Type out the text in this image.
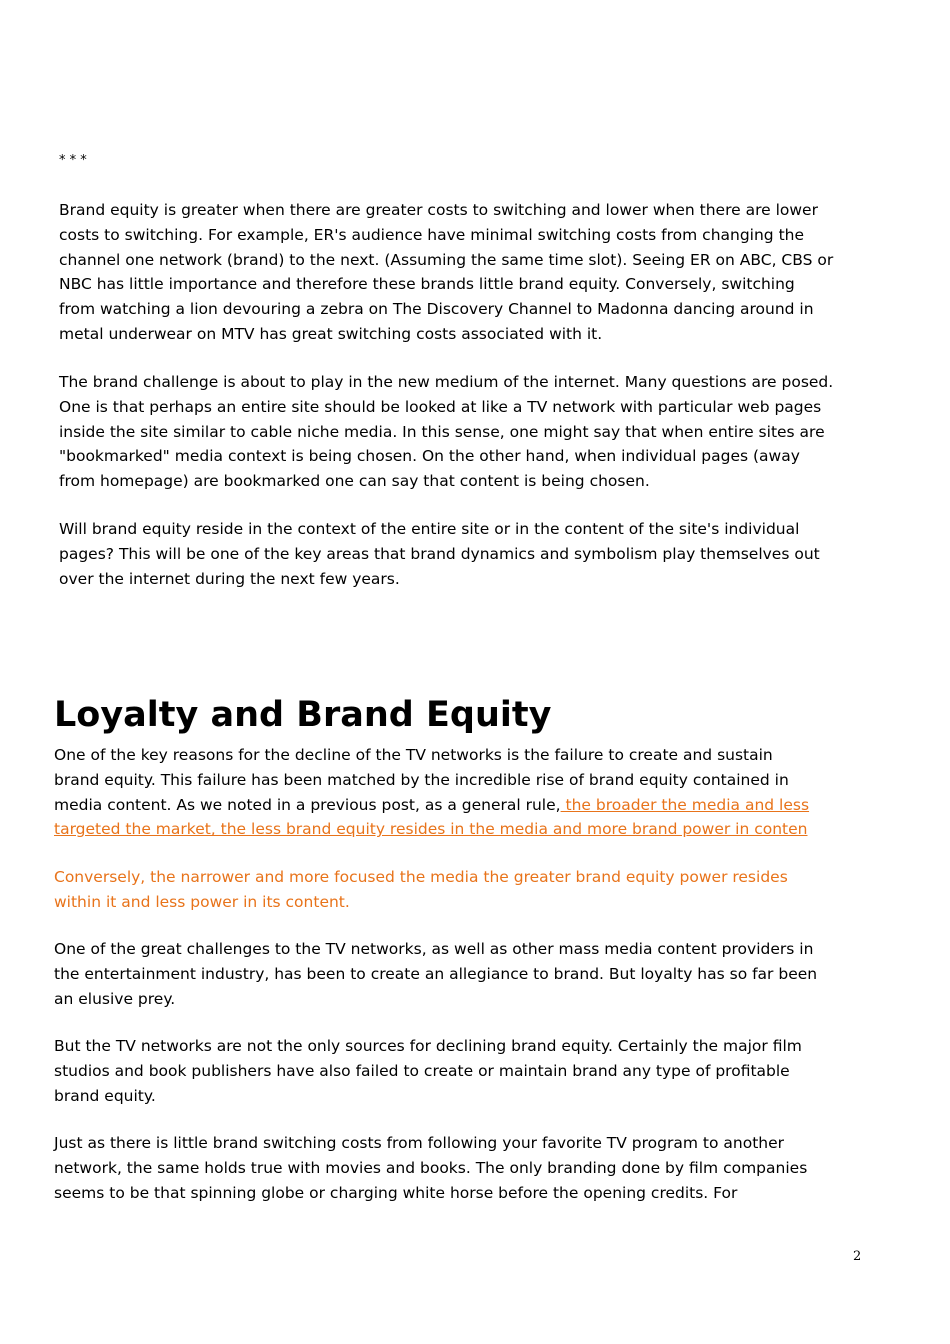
* * *

Brand equity is greater when there are greater costs to switching and lower when there are lower
costs to switching. For example, ER's audience have minimal switching costs from changing the
channel one network (brand) to the next. (Assuming the same time slot). Seeing ER on ABC, CBS or
NBC has little importance and therefore these brands little brand equity. Conversely, switching
from watching a lion devouring a zebra on The Discovery Channel to Madonna dancing around in
metal underwear on MTV has great switching costs associated with it.

The brand challenge is about to play in the new medium of the internet. Many questions are posed.
One is that perhaps an entire site should be looked at like a TV network with particular web pages
inside the site similar to cable niche media. In this sense, one might say that when entire sites are
"bookmarked" media context is being chosen. On the other hand, when individual pages (away
from homepage) are bookmarked one can say that content is being chosen.

Will brand equity reside in the context of the entire site or in the content of the site's individual
pages? This will be one of the key areas that brand dynamics and symbolism play themselves out
over the internet during the next few years.

Loyalty and Brand Equity

One of the key reasons for the decline of the TV networks is the failure to create and sustain
brand equity. This failure has been matched by the incredible rise of brand equity contained in
media content. As we noted in a previous post, as a general rule, the broader the media and less
targeted the market, the less brand equity resides in the media and more brand power in conten

Conversely, the narrower and more focused the media the greater brand equity power resides
within it and less power in its content.

One of the great challenges to the TV networks, as well as other mass media content providers in
the entertainment industry, has been to create an allegiance to brand. But loyalty has so far been
an elusive prey.

But the TV networks are not the only sources for declining brand equity. Certainly the major film
studios and book publishers have also failed to create or maintain brand any type of profitable
brand equity.

Just as there is little brand switching costs from following your favorite TV program to another
network, the same holds true with movies and books. The only branding done by film companies
seems to be that spinning globe or charging white horse before the opening credits. For

2
